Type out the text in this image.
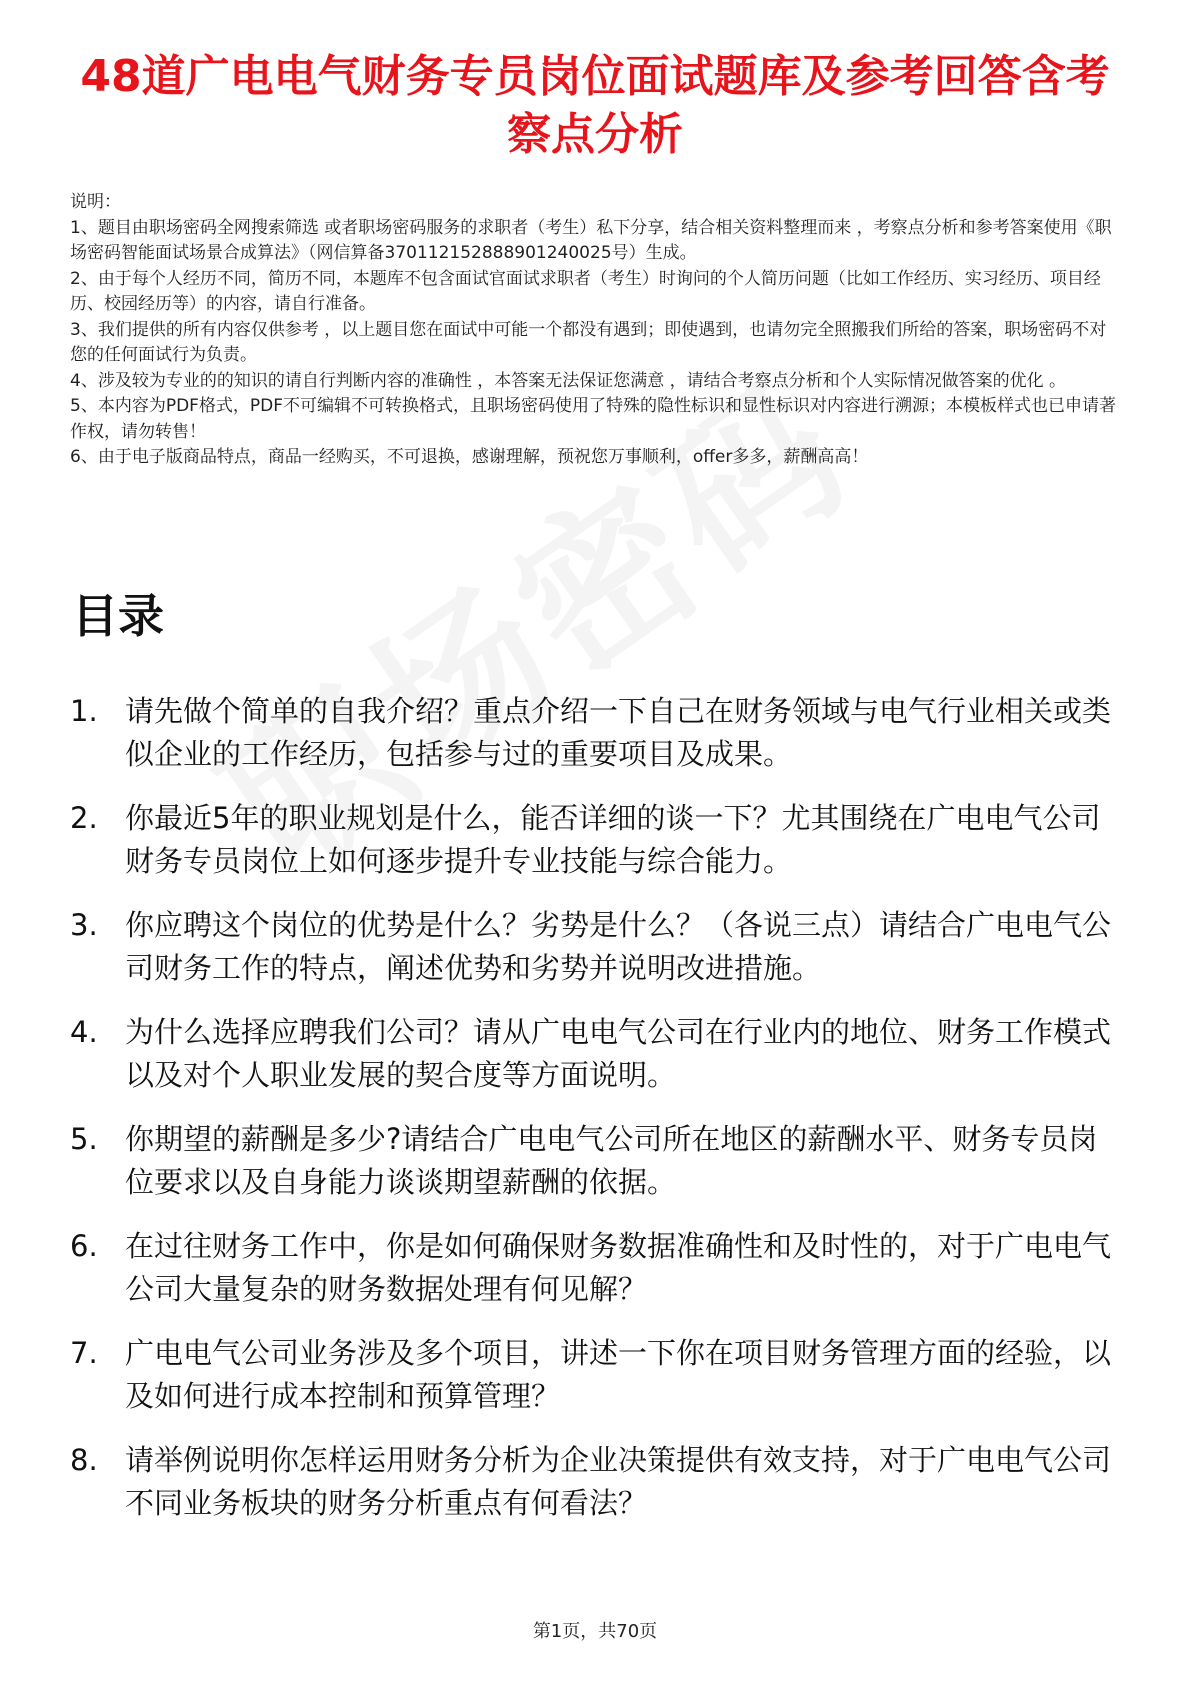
48道广电电气财务专员岗位面试题库及参考回答含考察点分析

说明：

1、题目由职场密码全网搜索筛选 或者职场密码服务的求职者（考生）私下分享，结合相关资料整理而来 ，考察点分析和参考答案使用《职场密码智能面试场景合成算法》（网信算备370112152888901240025号）生成。

2、由于每个人经历不同，简历不同，本题库不包含面试官面试求职者（考生）时询问的个人简历问题（比如工作经历、实习经历、项目经历、校园经历等）的内容，请自行准备。

3、我们提供的所有内容仅供参考 ，以上题目您在面试中可能一个都没有遇到；即使遇到，也请勿完全照搬我们所给的答案，职场密码不对您的任何面试行为负责。

4、涉及较为专业的的知识的请自行判断内容的准确性 ，本答案无法保证您满意 ，请结合考察点分析和个人实际情况做答案的优化 。

5、本内容为PDF格式，PDF不可编辑不可转换格式，且职场密码使用了特殊的隐性标识和显性标识对内容进行溯源；本模板样式也已申请著作权，请勿转售！

6、由于电子版商品特点，商品一经购买，不可退换，感谢理解，预祝您万事顺利，offer多多，薪酬高高！

目录
1. 请先做个简单的自我介绍？重点介绍一下自己在财务领域与电气行业相关或类似企业的工作经历，包括参与过的重要项目及成果。
2. 你最近5年的职业规划是什么，能否详细的谈一下？尤其围绕在广电电气公司财务专员岗位上如何逐步提升专业技能与综合能力。
3. 你应聘这个岗位的优势是什么？劣势是什么？（各说三点）请结合广电电气公司财务工作的特点，阐述优势和劣势并说明改进措施。
4. 为什么选择应聘我们公司？请从广电电气公司在行业内的地位、财务工作模式以及对个人职业发展的契合度等方面说明。
5. 你期望的薪酬是多少?请结合广电电气公司所在地区的薪酬水平、财务专员岗位要求以及自身能力谈谈期望薪酬的依据。
6. 在过往财务工作中，你是如何确保财务数据准确性和及时性的，对于广电电气公司大量复杂的财务数据处理有何见解？
7. 广电电气公司业务涉及多个项目，讲述一下你在项目财务管理方面的经验，以及如何进行成本控制和预算管理？
8. 请举例说明你怎样运用财务分析为企业决策提供有效支持，对于广电电气公司不同业务板块的财务分析重点有何看法？
第1页，共70页
